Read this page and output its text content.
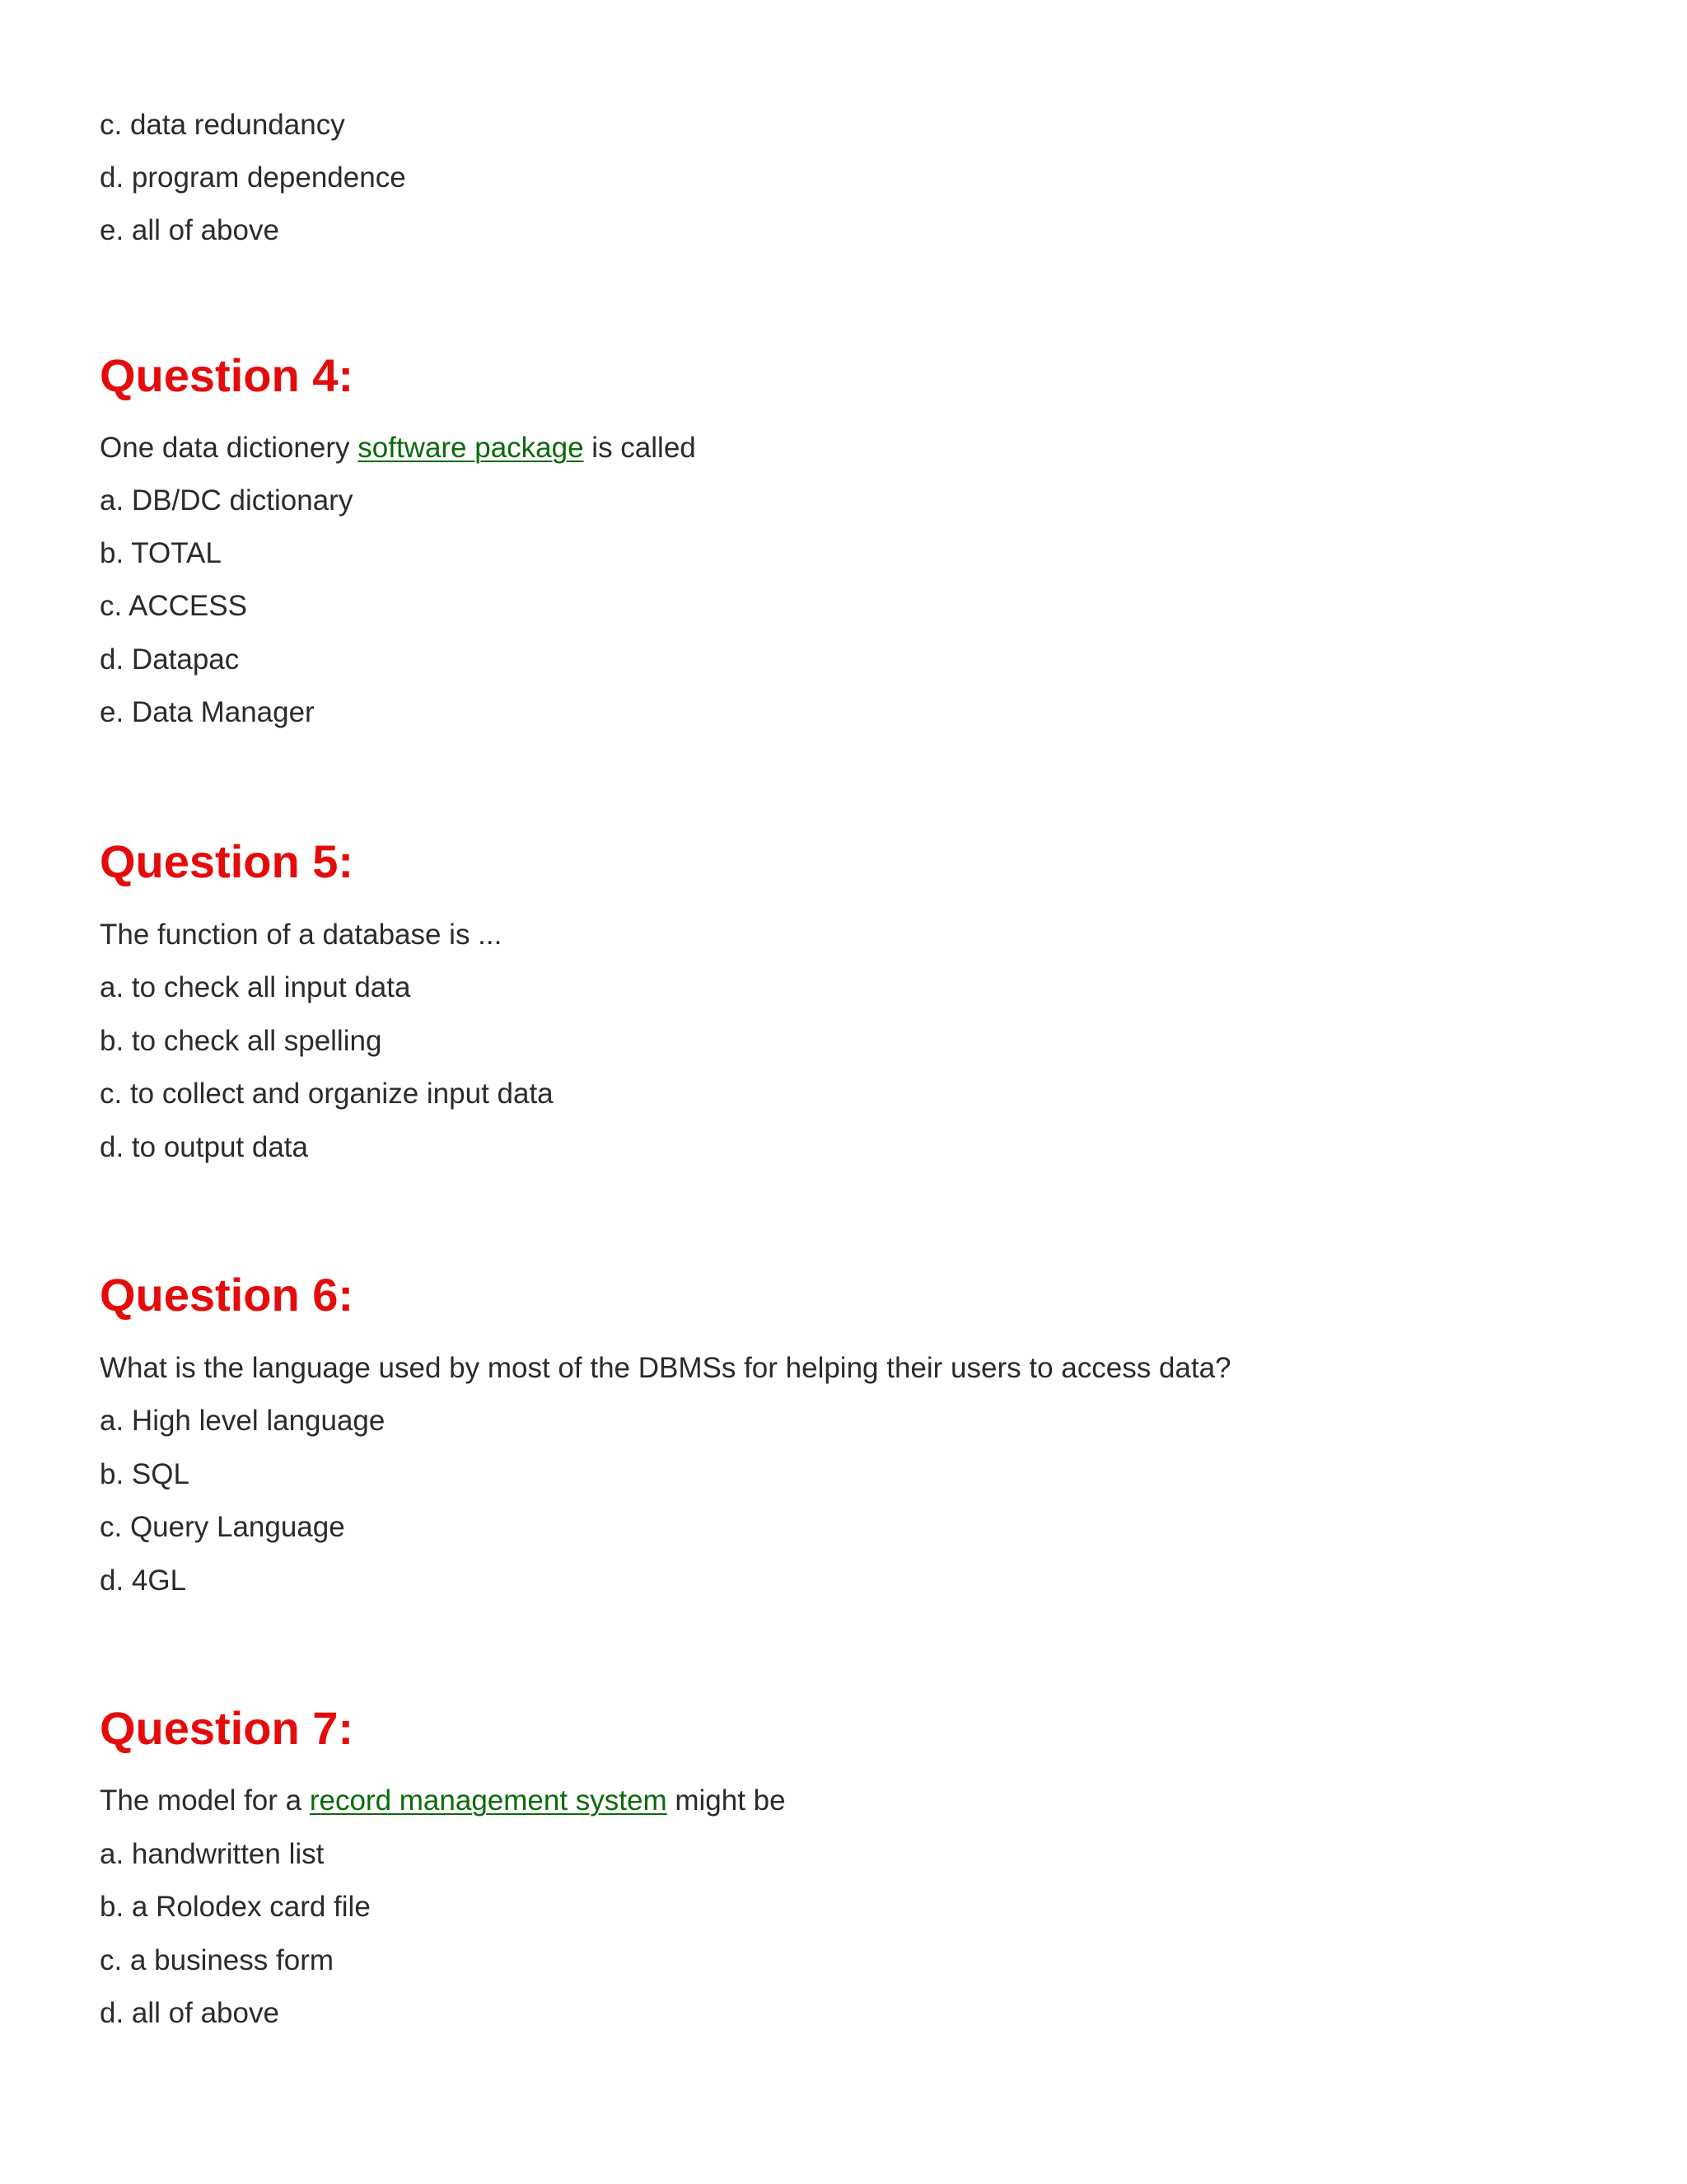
c. data redundancy
d. program dependence
e. all of above
Question 4:
One data dictionery software package is called
a. DB/DC dictionary
b. TOTAL
c. ACCESS
d. Datapac
e. Data Manager
Question 5:
The function of a database is ...
a. to check all input data
b. to check all spelling
c. to collect and organize input data
d. to output data
Question 6:
What is the language used by most of the DBMSs for helping their users to access data?
a. High level language
b. SQL
c. Query Language
d. 4GL
Question 7:
The model for a record management system might be
a. handwritten list
b. a Rolodex card file
c. a business form
d. all of above
